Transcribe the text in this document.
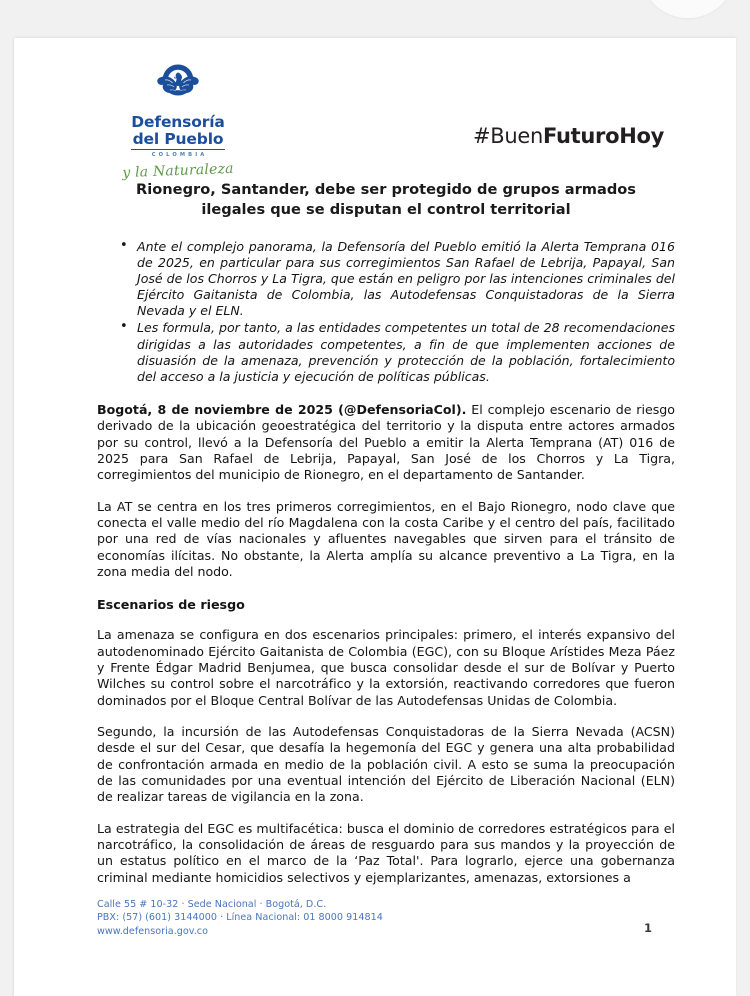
Defensoría
del Pueblo
COLOMBIA
y la Naturaleza
#BuenFuturoHoy
Rionegro, Santander, debe ser protegido de grupos armados ilegales que se disputan el control territorial
• Ante el complejo panorama, la Defensoría del Pueblo emitió la Alerta Temprana 016 de 2025, en particular para sus corregimientos San Rafael de Lebrija, Papayal, San José de los Chorros y La Tigra, que están en peligro por las intenciones criminales del Ejército Gaitanista de Colombia, las Autodefensas Conquistadoras de la Sierra Nevada y el ELN.
• Les formula, por tanto, a las entidades competentes un total de 28 recomendaciones dirigidas a las autoridades competentes, a fin de que implementen acciones de disuasión de la amenaza, prevención y protección de la población, fortalecimiento del acceso a la justicia y ejecución de políticas públicas.

Bogotá, 8 de noviembre de 2025 (@DefensoriaCol). El complejo escenario de riesgo derivado de la ubicación geoestratégica del territorio y la disputa entre actores armados por su control, llevó a la Defensoría del Pueblo a emitir la Alerta Temprana (AT) 016 de 2025 para San Rafael de Lebrija, Papayal, San José de los Chorros y La Tigra, corregimientos del municipio de Rionegro, en el departamento de Santander.

La AT se centra en los tres primeros corregimientos, en el Bajo Rionegro, nodo clave que conecta el valle medio del río Magdalena con la costa Caribe y el centro del país, facilitado por una red de vías nacionales y afluentes navegables que sirven para el tránsito de economías ilícitas. No obstante, la Alerta amplía su alcance preventivo a La Tigra, en la zona media del nodo.

Escenarios de riesgo

La amenaza se configura en dos escenarios principales: primero, el interés expansivo del autodenominado Ejército Gaitanista de Colombia (EGC), con su Bloque Arístides Meza Páez y Frente Édgar Madrid Benjumea, que busca consolidar desde el sur de Bolívar y Puerto Wilches su control sobre el narcotráfico y la extorsión, reactivando corredores que fueron dominados por el Bloque Central Bolívar de las Autodefensas Unidas de Colombia.

Segundo, la incursión de las Autodefensas Conquistadoras de la Sierra Nevada (ACSN) desde el sur del Cesar, que desafía la hegemonía del EGC y genera una alta probabilidad de confrontación armada en medio de la población civil. A esto se suma la preocupación de las comunidades por una eventual intención del Ejército de Liberación Nacional (ELN) de realizar tareas de vigilancia en la zona.

La estrategia del EGC es multifacética: busca el dominio de corredores estratégicos para el narcotráfico, la consolidación de áreas de resguardo para sus mandos y la proyección de un estatus político en el marco de la ‘Paz Total'. Para lograrlo, ejerce una gobernanza criminal mediante homicidios selectivos y ejemplarizantes, amenazas, extorsiones a

Calle 55 # 10-32 · Sede Nacional · Bogotá, D.C.
PBX: (57) (601) 3144000 · Línea Nacional: 01 8000 914814
www.defensoria.gov.co	1
